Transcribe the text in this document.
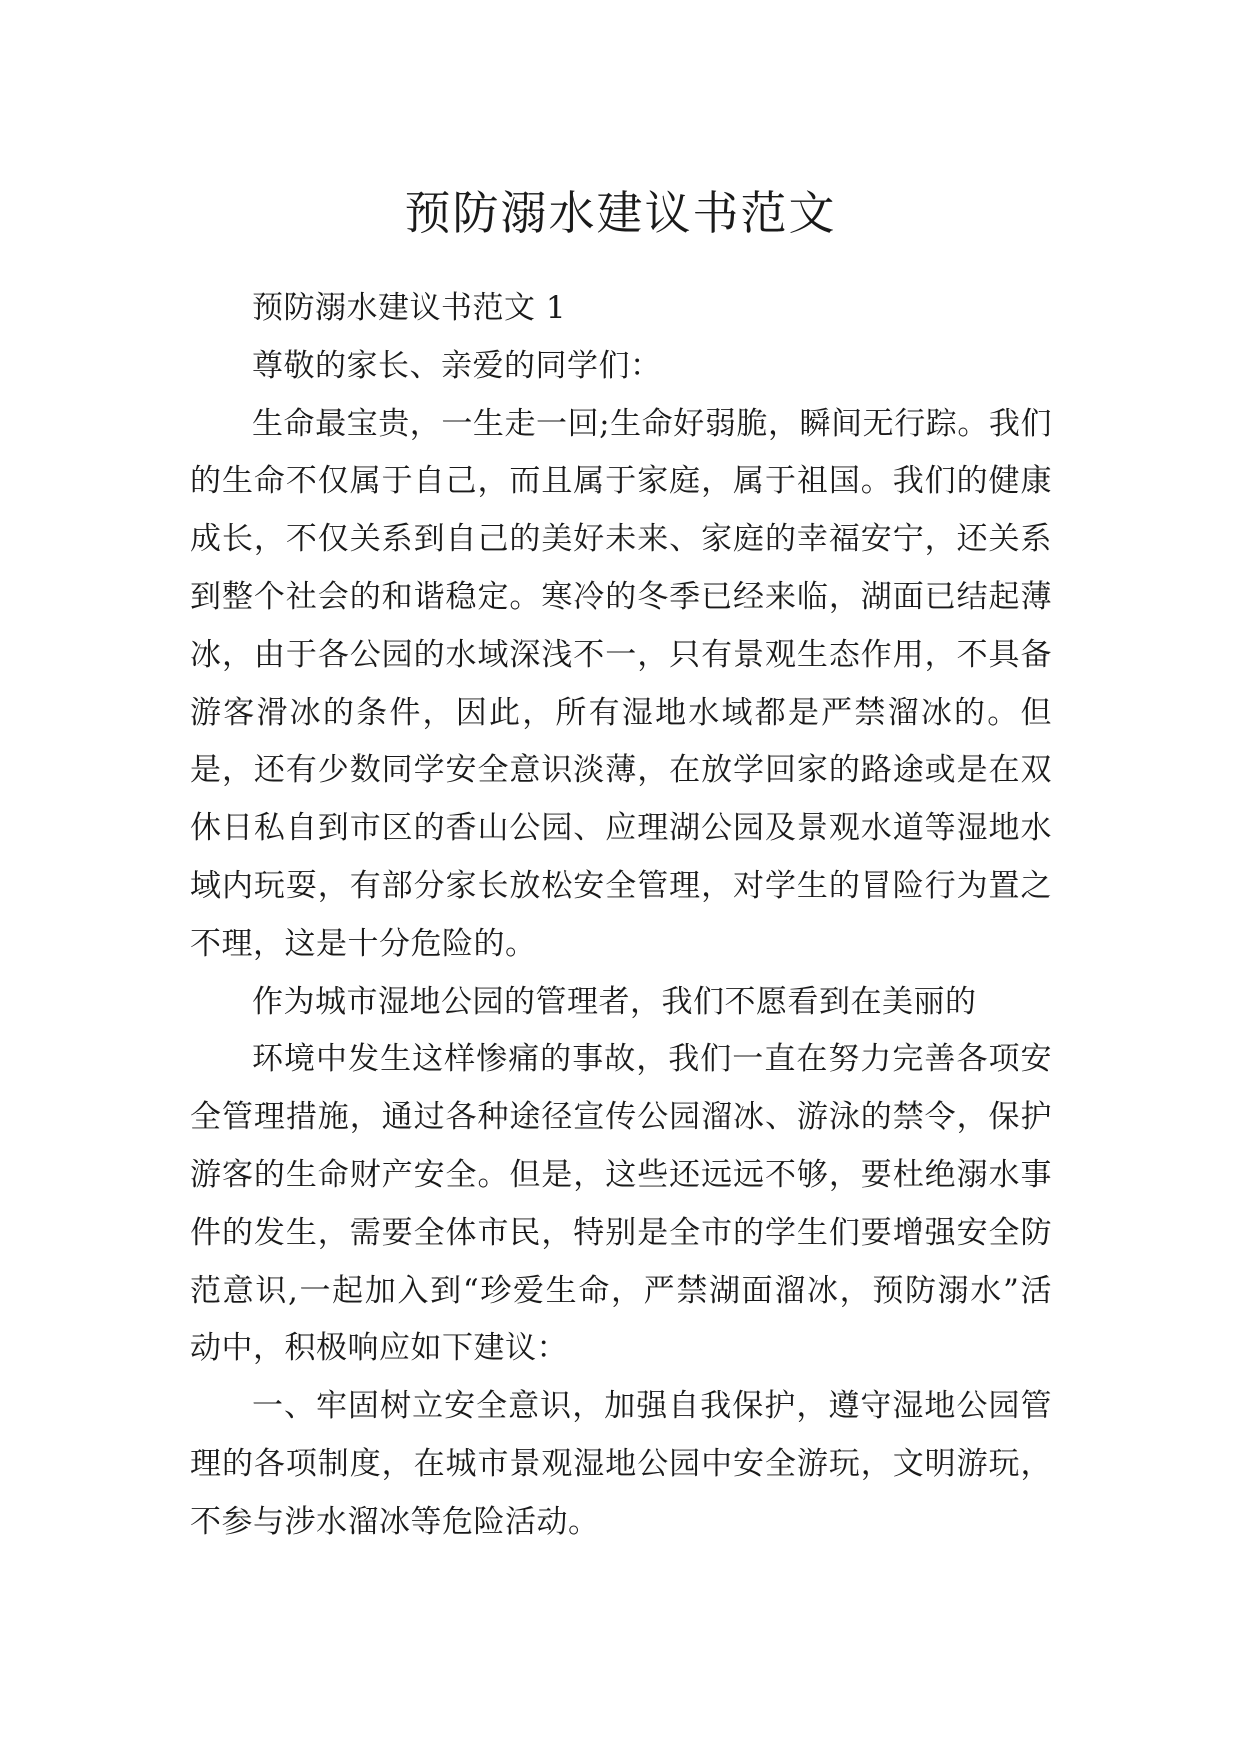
预防溺水建议书范文

预防溺水建议书范文 1

尊敬的家长、亲爱的同学们：

生命最宝贵，一生走一回;生命好弱脆，瞬间无行踪。我们的生命不仅属于自己，而且属于家庭，属于祖国。我们的健康成长，不仅关系到自己的美好未来、家庭的幸福安宁，还关系到整个社会的和谐稳定。寒冷的冬季已经来临，湖面已结起薄冰，由于各公园的水域深浅不一，只有景观生态作用，不具备游客滑冰的条件，因此，所有湿地水域都是严禁溜冰的。但是，还有少数同学安全意识淡薄，在放学回家的路途或是在双休日私自到市区的香山公园、应理湖公园及景观水道等湿地水域内玩耍，有部分家长放松安全管理，对学生的冒险行为置之不理，这是十分危险的。

作为城市湿地公园的管理者，我们不愿看到在美丽的

环境中发生这样惨痛的事故，我们一直在努力完善各项安全管理措施，通过各种途径宣传公园溜冰、游泳的禁令，保护游客的生命财产安全。但是，这些还远远不够，要杜绝溺水事件的发生，需要全体市民，特别是全市的学生们要增强安全防范意识,一起加入到“珍爱生命，严禁湖面溜冰，预防溺水”活动中，积极响应如下建议：

一、牢固树立安全意识，加强自我保护，遵守湿地公园管理的各项制度，在城市景观湿地公园中安全游玩，文明游玩，不参与涉水溜冰等危险活动。
